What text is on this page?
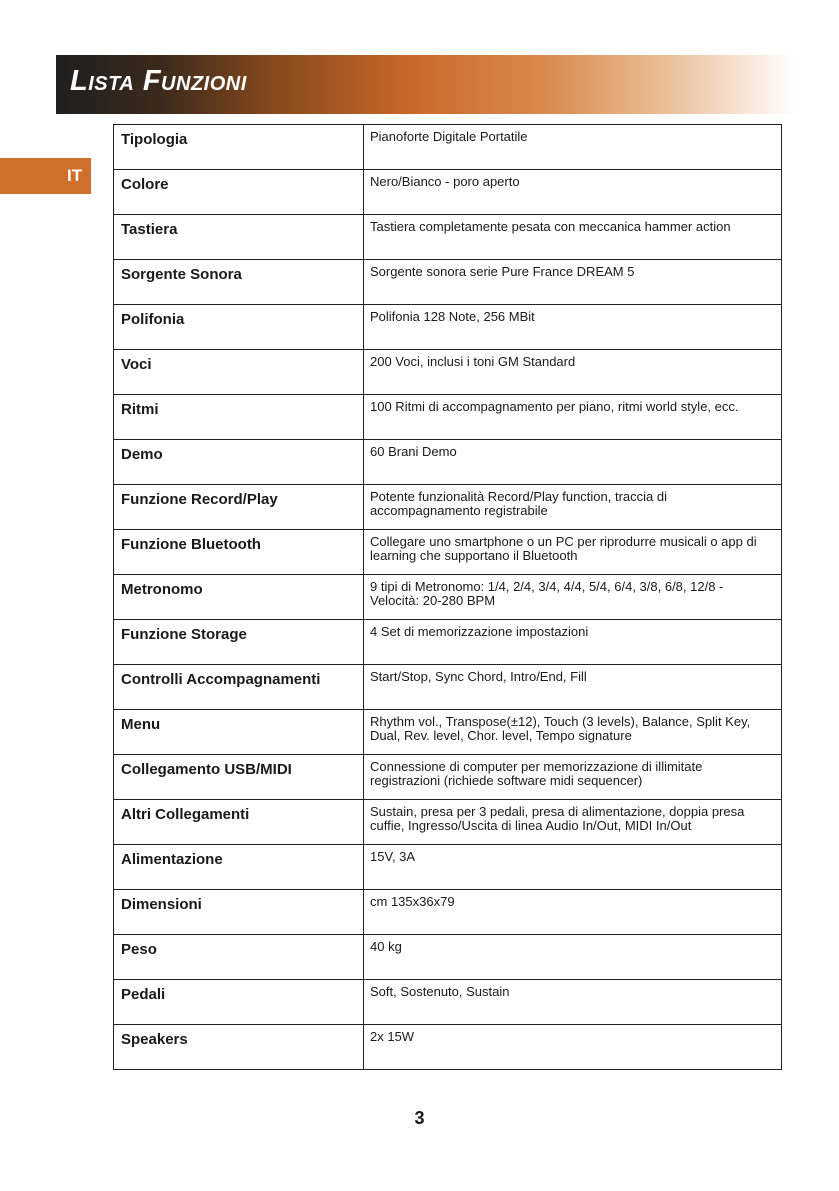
Lista Funzioni
IT
Tipologia	Pianoforte Digitale Portatile
Colore	Nero/Bianco - poro aperto
Tastiera	Tastiera completamente pesata con meccanica hammer action
Sorgente Sonora	Sorgente sonora serie Pure France DREAM 5
Polifonia	Polifonia 128 Note, 256 MBit
Voci	200 Voci, inclusi i toni GM Standard
Ritmi	100 Ritmi di accompagnamento per piano, ritmi world style, ecc.
Demo	60 Brani Demo
Funzione Record/Play	Potente funzionalità Record/Play function, traccia di accompagnamento registrabile
Funzione Bluetooth	Collegare uno smartphone o un PC per riprodurre musicali o app di learning che supportano il Bluetooth
Metronomo	9 tipi di Metronomo: 1/4, 2/4, 3/4, 4/4, 5/4, 6/4, 3/8, 6/8, 12/8 - Velocità: 20-280 BPM
Funzione Storage	4 Set di memorizzazione impostazioni
Controlli Accompagnamenti	Start/Stop, Sync Chord, Intro/End, Fill
Menu	Rhythm vol., Transpose(±12), Touch (3 levels), Balance, Split Key, Dual, Rev. level, Chor. level, Tempo signature
Collegamento USB/MIDI	Connessione di computer per memorizzazione di illimitate registrazioni (richiede software midi sequencer)
Altri Collegamenti	Sustain, presa per 3 pedali, presa di alimentazione, doppia presa cuffie, Ingresso/Uscita di linea Audio In/Out, MIDI In/Out
Alimentazione	15V, 3A
Dimensioni	cm 135x36x79
Peso	40 kg
Pedali	Soft, Sostenuto, Sustain
Speakers	2x 15W
3
